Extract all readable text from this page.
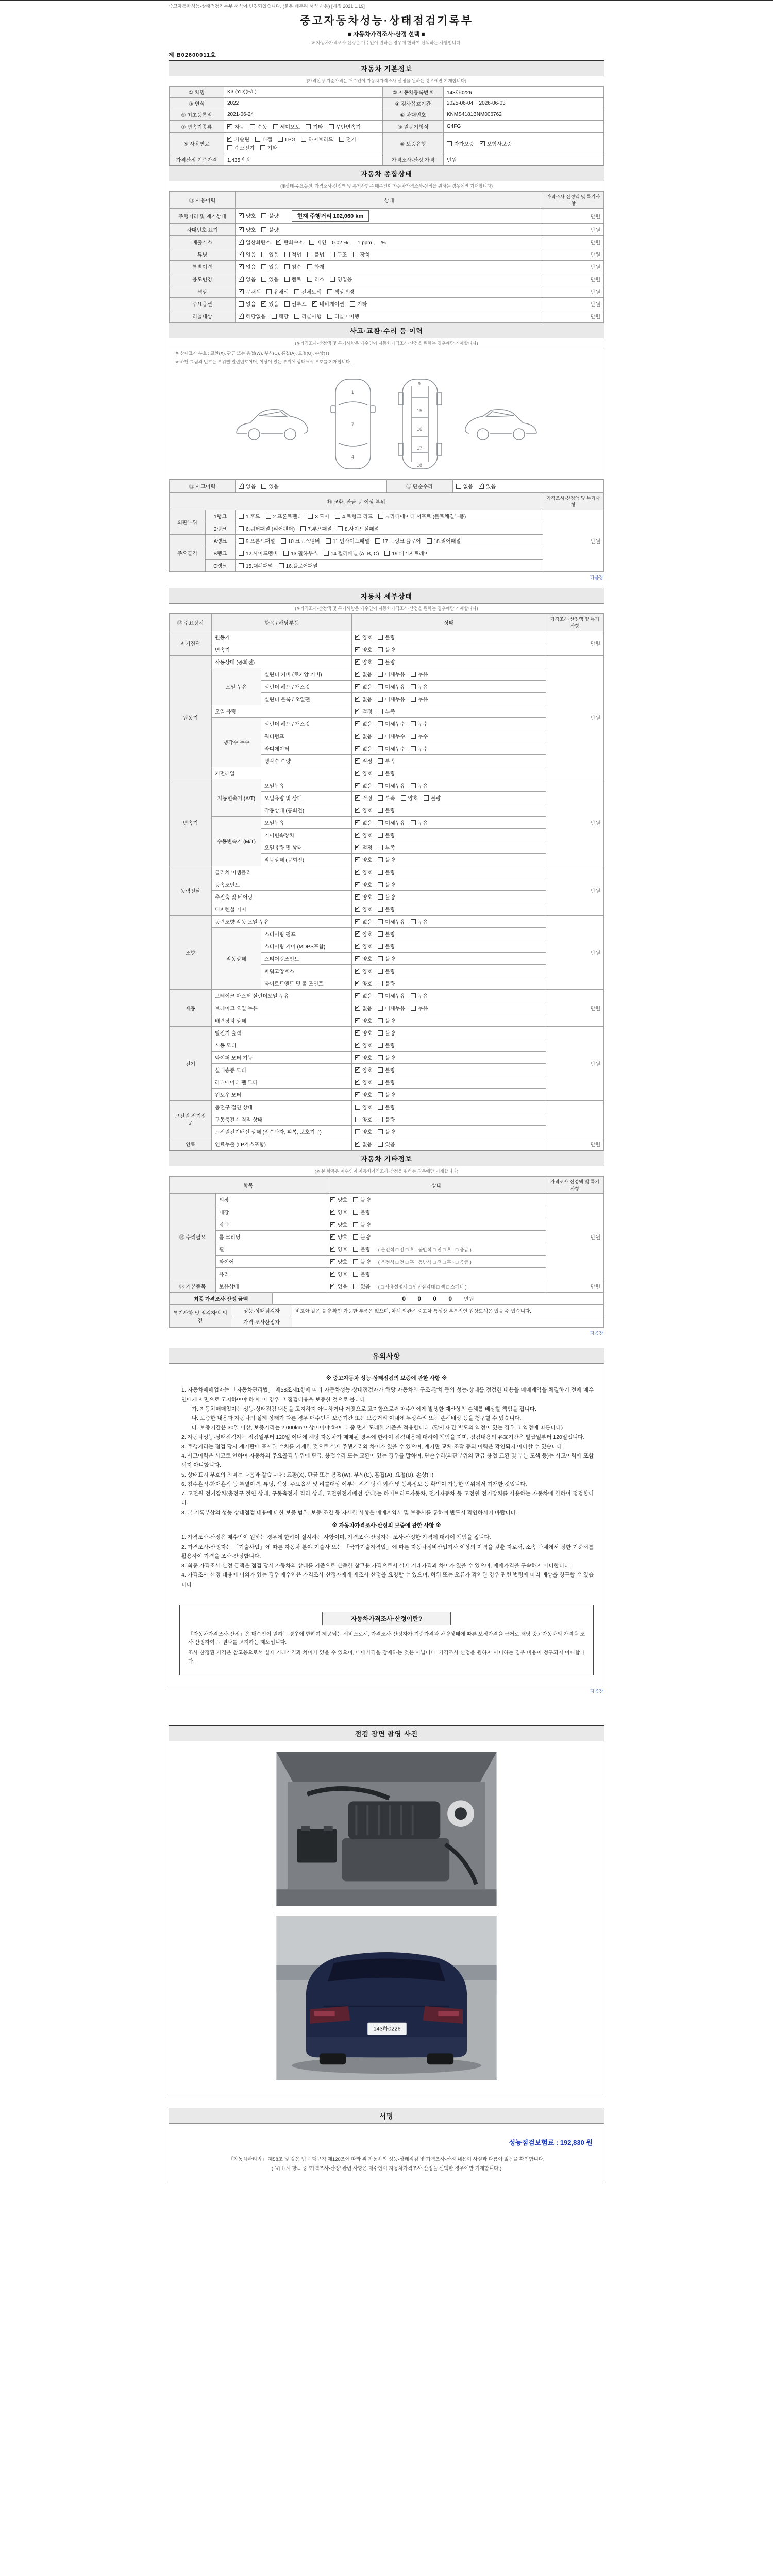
중고자동차성능·상태점검기록부 서식이 변경되었습니다. (붉은 테두리 서식 사용) [개정 2021.1.19]
중고자동차성능·상태점검기록부
■ 자동차가격조사·산정 선택 ■
※ 자동차가격조사·산정은 매수인이 원하는 경우에 한하여 선택하는 사항입니다.
제 B02600011호
자동차 기본정보
(가격산정 기준가격은 매수인이 자동차가격조사·산정을 원하는 경우에만 기재합니다)
① 차명	K3 (YD)(F/L)	② 자동차등록번호	143하0226
③ 연식	2022	④ 검사유효기간	2025-06-04 ~ 2026-06-03
⑤ 최초등록일	2021-06-24	⑥ 차대번호	KNMS4181BNM006762
⑦ 변속기종류	✓자동 수동 세미오토 기타 무단변속기	⑧ 원동기형식	G4FG
⑨ 사용연료	✓가솔린 디젤 LPG 하이브리드 전기수소전기 기타	⑩ 보증유형	자가보증 ✓ 보험사보증
가격산정 기준가격	1,435만원	가격조사·산정 가격	만원
자동차 종합상태
(※상태·주요옵션, 가격조사·산정액 및 특기사항은 매수인이 자동차가격조사·산정을 원하는 경우에만 기재합니다)
⑪ 사용이력	상태	가격조사·산정액 및 특기사항
주행거리 및 계기상태	✓양호 불량 현재 주행거리 102,060 km	만원
차대번호 표기	✓양호 불량	만원
배출가스	✓일산화탄소 ✓ 탄화수소 매연 0.02 % ,　 1 ppm ,　 %	만원
튜닝	✓없음 있음 적법 불법 구조 장치	만원
특별이력	✓없음 있음 침수 화재	만원
용도변경	✓없음 있음 렌트 리스 영업용	만원
색상	✓무채색 유채색 전체도색 색상변경	만원
주요옵션	없음 ✓ 있음 썬루프 ✓ 네비게이션 기타	만원
리콜대상	✓해당없음 해당 리콜이행 리콜미이행	만원
사고·교환·수리 등 이력
(※가격조사·산정액 및 특기사항은 매수인이 자동차가격조사·산정을 원하는 경우에만 기재합니다)
※ 상태표시 부호 : 교환(X), 판금 또는 용접(W), 부식(C), 흠집(A), 요철(U), 손상(T)
※ 하단 그림의 번호는 부위별 일련번호이며, 이상이 있는 부위에 상태표시 부호를 기재합니다.
1
7
4
9
15
16
17
18
⑫ 사고이력	✓없음	있음	⑬ 단순수리	없음 ✓	있음
⑭ 교환, 판금 등 이상 부위			가격조사·산정액 및 특기사항
외판부위	1랭크	1.후드 2.프론트펜더 3.도어 4.트렁크 리드 5.라디에이터 서포트 (볼트체결부품)	만원
	2랭크	6.쿼터패널 (리어펜더) 7.루프패널 8.사이드실패널	
주요골격	A랭크	9.프론트패널 10.크로스멤버 11.인사이드패널 17.트렁크 플로어 18.리어패널	
	B랭크	12.사이드멤버 13.휠하우스 14.필러패널 (A, B, C) 19.패키지트레이	
	C랭크	15.대쉬패널 16.플로어패널	
다음장
자동차 세부상태
(※가격조사·산정액 및 특기사항은 매수인이 자동차가격조사·산정을 원하는 경우에만 기재합니다)
⑮ 주요장치	항목 / 해당부품		상태	가격조사·산정액 및 특기사항
자기진단	원동기	✓양호 불량	만원
	변속기	✓양호 불량
원동기	작동상태 (공회전)	✓양호 불량	만원
	오일 누유	실린더 커버 (로커암 커버)	✓없음 미세누유 누유
		실린더 헤드 / 개스킷	✓없음 미세누유 누유
		실린더 블록 / 오일팬	✓없음 미세누유 누유
	오일 유량	✓적정 부족
	냉각수 누수	실린더 헤드 / 개스킷	✓없음 미세누수 누수
		워터펌프	✓없음 미세누수 누수
		라디에이터	✓없음 미세누수 누수
		냉각수 수량	✓적정 부족
	커먼레일	✓양호 불량
변속기	자동변속기 (A/T)	오일누유	✓없음 미세누유 누유	만원
		오일유량 및 상태	✓적정 부족 양호 불량
		작동상태 (공회전)	✓양호 불량
	수동변속기 (M/T)	오일누유	✓없음 미세누유 누유
		기어변속장치	✓양호 불량
		오일유량 및 상태	✓적정 부족
		작동상태 (공회전)	✓양호 불량
동력전달	클러치 어셈블리	✓양호 불량	만원
	등속조인트	✓양호 불량
	추진축 및 베어링	✓양호 불량
	디퍼렌셜 기어	✓양호 불량
조향	동력조향 작동 오일 누유	✓없음 미세누유 누유	만원
	작동상태	스티어링 펌프	✓양호 불량
		스티어링 기어 (MDPS포함)	✓양호 불량
		스티어링조인트	✓양호 불량
		파워고압호스	✓양호 불량
		타이로드엔드 및 볼 조인트	✓양호 불량
제동	브레이크 마스터 실린더오일 누유	✓없음 미세누유 누유	만원
	브레이크 오일 누유	✓없음 미세누유 누유
	배력장치 상태	✓양호 불량
전기	발전기 출력	✓양호 불량	만원
	시동 모터	✓양호 불량
	와이퍼 모터 기능	✓양호 불량
	실내송풍 모터	✓양호 불량
	라디에이터 팬 모터	✓양호 불량
	윈도우 모터	✓양호 불량
고전원 전기장치	충전구 절연 상태		양호 불량	
	구동축전지 격리 상태		양호 불량	
	고전원전기배선 상태 (접속단자, 피복, 보호기구)		양호 불량	
연료	연료누출 (LP가스포함)	✓없음 있음	만원
자동차 기타정보
(※ 본 항목은 매수인이 자동차가격조사·산정을 원하는 경우에만 기재합니다)
항목		상태	가격조사·산정액 및 특기사항
⑯ 수리필요	외장	✓양호 불량	만원
	내장	✓양호 불량
	광택	✓양호 불량
	룸 크리닝	✓양호 불량
	휠	✓양호 불량 ( 운전석 □ 전 □ 후 · 동반석 □ 전 □ 후 · □ 응급 )
	타이어	✓양호 불량 ( 운전석 □ 전 □ 후 · 동반석 □ 전 □ 후 · □ 응급 )
	유리	✓양호 불량
⑰ 기본품목	보유상태	✓있음 없음 ( □ 사용설명서 □ 안전삼각대 □ 잭 □ 스패너 )	만원
최종 가격조사·산정 금액	0 0 0 0 만원
특기사항 및 점검자의 의견	성능·상태점검자	비고와 같은 불량 확인 가능한 부품은 없으며, 차체 외관은 중고차 특성상 부분적인 원상도색은 있을 수 있습니다.
	가격·조사산정자	
다음장
유의사항
※ 중고자동차 성능·상태점검의 보증에 관한 사항 ※
1. 자동차매매업자는 「자동차관리법」 제58조제1항에 따라 자동차성능·상태점검자가 해당 자동차의 구조·장치 등의 성능·상태를 점검한 내용을 매매계약을 체결하기 전에 매수인에게 서면으로 고지하여야 하며, 이 경우 그 점검내용을 보증한 것으로 봅니다.
가. 자동차매매업자는 성능·상태점검 내용을 고지하지 아니하거나 거짓으로 고지함으로써 매수인에게 발생한 재산상의 손해를 배상할 책임을 집니다.
나. 보증한 내용과 자동차의 실제 상태가 다른 경우 매수인은 보증기간 또는 보증거리 이내에 무상수리 또는 손해배상 등을 청구할 수 있습니다.
다. 보증기간은 30일 이상, 보증거리는 2,000km 이상이어야 하며 그 중 먼저 도래한 기준을 적용합니다. (당사자 간 별도의 약정이 있는 경우 그 약정에 따릅니다)
2. 자동차성능·상태점검자는 점검일부터 120일 이내에 해당 자동차가 매매된 경우에 한하여 점검내용에 대하여 책임을 지며, 점검내용의 유효기간은 발급일부터 120일입니다.
3. 주행거리는 점검 당시 계기판에 표시된 수치를 기재한 것으로 실제 주행거리와 차이가 있을 수 있으며, 계기판 교체·조작 등의 이력은 확인되지 아니할 수 있습니다.
4. 사고이력은 사고로 인하여 자동차의 주요골격 부위에 판금, 용접수리 또는 교환이 있는 경우를 말하며, 단순수리(외판부위의 판금·용접·교환 및 부분 도색 등)는 사고이력에 포함되지 아니합니다.
5. 상태표시 부호의 의미는 다음과 같습니다 : 교환(X), 판금 또는 용접(W), 부식(C), 흠집(A), 요철(U), 손상(T)
6. 침수흔적·화재흔적 등 특별이력, 튜닝, 색상, 주요옵션 및 리콜대상 여부는 점검 당시 외관 및 등록정보 등 확인이 가능한 범위에서 기재한 것입니다.
7. 고전원 전기장치(충전구 절연 상태, 구동축전지 격리 상태, 고전원전기배선 상태)는 하이브리드자동차, 전기자동차 등 고전원 전기장치를 사용하는 자동차에 한하여 점검합니다.
8. 본 기록부상의 성능·상태점검 내용에 대한 보증 범위, 보증 조건 등 자세한 사항은 매매계약서 및 보증서를 통하여 반드시 확인하시기 바랍니다.
※ 자동차가격조사·산정의 보증에 관한 사항 ※
1. 가격조사·산정은 매수인이 원하는 경우에 한하여 실시하는 사항이며, 가격조사·산정자는 조사·산정한 가격에 대하여 책임을 집니다.
2. 가격조사·산정자는 「기술사법」에 따른 자동차 분야 기술사 또는 「국가기술자격법」에 따른 자동차정비산업기사 이상의 자격을 갖춘 자로서, 소속 단체에서 정한 기준서를 활용하여 가격을 조사·산정합니다.
3. 최종 가격조사·산정 금액은 점검 당시 자동차의 상태를 기준으로 산출한 참고용 가격으로서 실제 거래가격과 차이가 있을 수 있으며, 매매가격을 구속하지 아니합니다.
4. 가격조사·산정 내용에 이의가 있는 경우 매수인은 가격조사·산정자에게 재조사·산정을 요청할 수 있으며, 허위 또는 오류가 확인된 경우 관련 법령에 따라 배상을 청구할 수 있습니다.
자동차가격조사·산정이란?

「자동차가격조사·산정」은 매수인이 원하는 경우에 한하여 제공되는 서비스로서, 가격조사·산정자가 기준가격과 차량상태에 따른 보정가격을 근거로 해당 중고자동차의 가격을 조사·산정하여 그 결과를 고지하는 제도입니다.

조사·산정된 가격은 참고용으로서 실제 거래가격과 차이가 있을 수 있으며, 매매가격을 강제하는 것은 아닙니다. 가격조사·산정을 원하지 아니하는 경우 비용이 청구되지 아니합니다.

다음장
점검 장면 촬영 사진
143하0226
서명
성능점검보험료 : 192,830 원
「자동차관리법」 제58조 및 같은 법 시행규칙 제120조에 따라 위 자동차의 성능·상태점검 및 가격조사·산정 내용이 사실과 다름이 없음을 확인합니다.
( [√] 표시 항목 중 '가격조사·산정' 관련 사항은 매수인이 자동차가격조사·산정을 선택한 경우에만 기재합니다 )
